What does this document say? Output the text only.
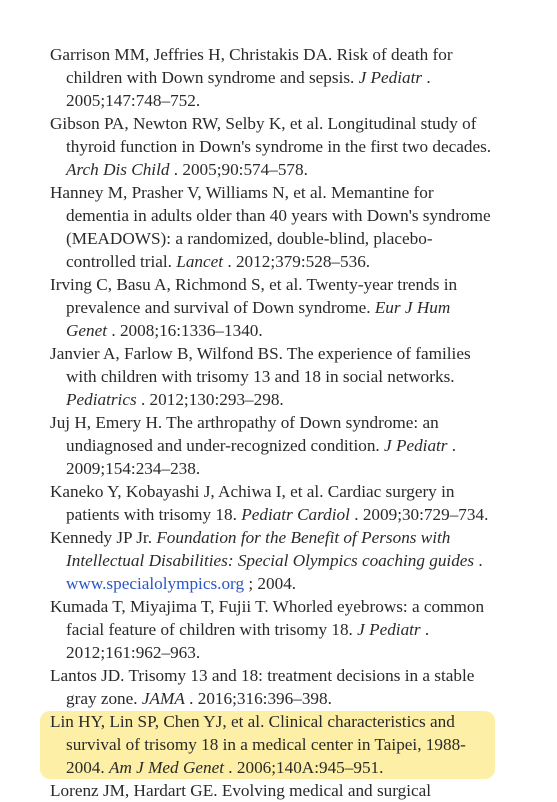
Garrison MM, Jeffries H, Christakis DA. Risk of death for
children with Down syndrome and sepsis. J Pediatr .
2005;147:748–752.
Gibson PA, Newton RW, Selby K, et al. Longitudinal study of
thyroid function in Down's syndrome in the first two decades.
Arch Dis Child . 2005;90:574–578.
Hanney M, Prasher V, Williams N, et al. Memantine for
dementia in adults older than 40 years with Down's syndrome
(MEADOWS): a randomized, double-blind, placebo-
controlled trial. Lancet . 2012;379:528–536.
Irving C, Basu A, Richmond S, et al. Twenty-year trends in
prevalence and survival of Down syndrome. Eur J Hum
Genet . 2008;16:1336–1340.
Janvier A, Farlow B, Wilfond BS. The experience of families
with children with trisomy 13 and 18 in social networks.
Pediatrics . 2012;130:293–298.
Juj H, Emery H. The arthropathy of Down syndrome: an
undiagnosed and under-recognized condition. J Pediatr .
2009;154:234–238.
Kaneko Y, Kobayashi J, Achiwa I, et al. Cardiac surgery in
patients with trisomy 18. Pediatr Cardiol . 2009;30:729–734.
Kennedy JP Jr. Foundation for the Benefit of Persons with
Intellectual Disabilities: Special Olympics coaching guides .
www.specialolympics.org ; 2004.
Kumada T, Miyajima T, Fujii T. Whorled eyebrows: a common
facial feature of children with trisomy 18. J Pediatr .
2012;161:962–963.
Lantos JD. Trisomy 13 and 18: treatment decisions in a stable
gray zone. JAMA . 2016;316:396–398.
Lin HY, Lin SP, Chen YJ, et al. Clinical characteristics and
survival of trisomy 18 in a medical center in Taipei, 1988-
2004. Am J Med Genet . 2006;140A:945–951.
Lorenz JM, Hardart GE. Evolving medical and surgical
